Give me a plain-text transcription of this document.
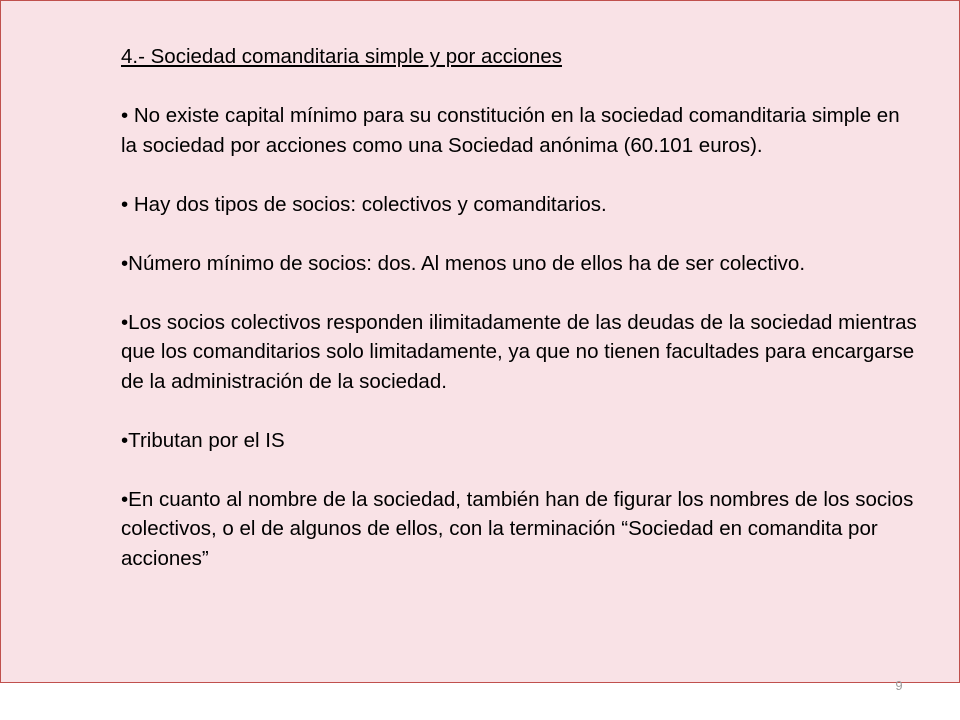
4.- Sociedad comanditaria simple y por acciones

• No existe capital mínimo para su constitución en la sociedad comanditaria simple en la sociedad por acciones como una Sociedad anónima (60.101 euros).

• Hay dos tipos de socios: colectivos y comanditarios.

•Número mínimo de socios: dos. Al menos uno de ellos ha de ser colectivo.

•Los socios colectivos responden ilimitadamente de las deudas de la sociedad mientras que los comanditarios solo limitadamente, ya que no tienen facultades para encargarse de la administración de la sociedad.

•Tributan por el IS

•En cuanto al nombre de la sociedad, también han de figurar los nombres de los socios colectivos, o el de algunos de ellos, con la terminación “Sociedad en comandita por acciones”

9
